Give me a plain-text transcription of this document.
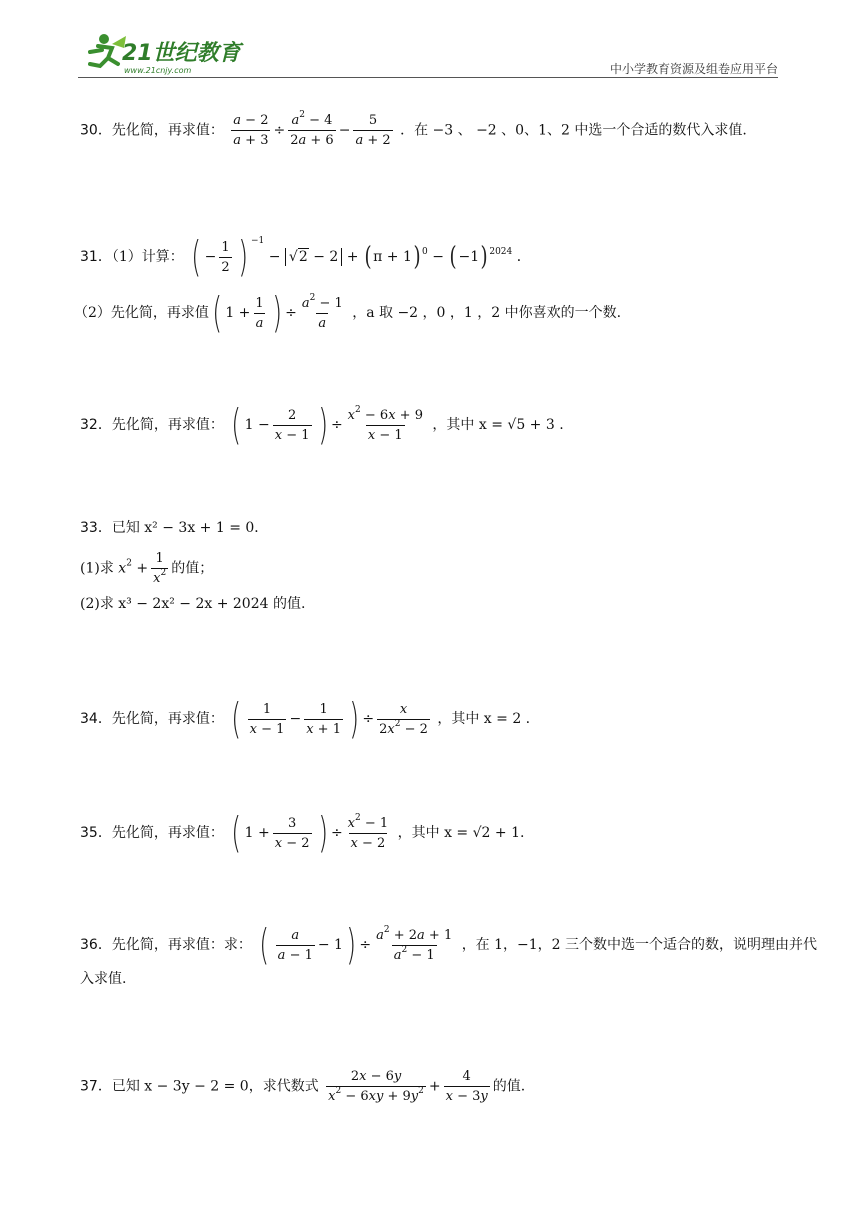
21世纪教育
www.21cnjy.com	中小学教育资源及组卷应用平台
30．先化简，再求值： $\frac{a - 2}{a + 3} \div \frac{a^2 - 4}{2a + 6} - \frac{5}{a + 2}$ ．在 −3 、 −2 、0、1、2 中选一个合适的数代入求值.
31．（1）计算： ( − $\frac{1}{2}$ ) $^{-1}$ − √2 − 2 + ( π + 1) $^0$ − ( −1) $^{2024}$ ．
（2）先化简，再求值( $1 + \frac{1}{a}$ ) ÷ $\frac{a^2 - 1}{a}$ ，a 取 −2 ，0 ，1 ，2 中你喜欢的一个数.
32．先化简，再求值： ( $1 - \frac{2}{x - 1}$ ) ÷ $\frac{x^2 - 6x + 9}{x - 1}$ ，其中 x = √5 + 3 .
33．已知 x² − 3x + 1 = 0．
(1)求 $x^2 + \frac{1}{x^2}$ 的值；
(2)求 x³ − 2x² − 2x + 2024 的值.
34．先化简，再求值： ( $\frac{1}{x - 1} - \frac{1}{x + 1}$ ) ÷ $\frac{x}{2x^2 - 2}$ ，其中 x = 2 .
35．先化简，再求值： ( $1 + \frac{3}{x - 2}$ ) ÷ $\frac{x^2 - 1}{x - 2}$ ，其中 x = √2 + 1.
36．先化简，再求值：求： ( $\frac{a}{a - 1} - 1) \div \frac{a^2 + 2a + 1}{a^2 - 1}$ ，在 1，−1，2 三个数中选一个适合的数，说明理由并代
入求值.
37．已知 x − 3y − 2 = 0，求代数式 $\frac{2x - 6y}{x^2 - 6xy + 9y^2} + \frac{4}{x - 3y}$ 的值.
